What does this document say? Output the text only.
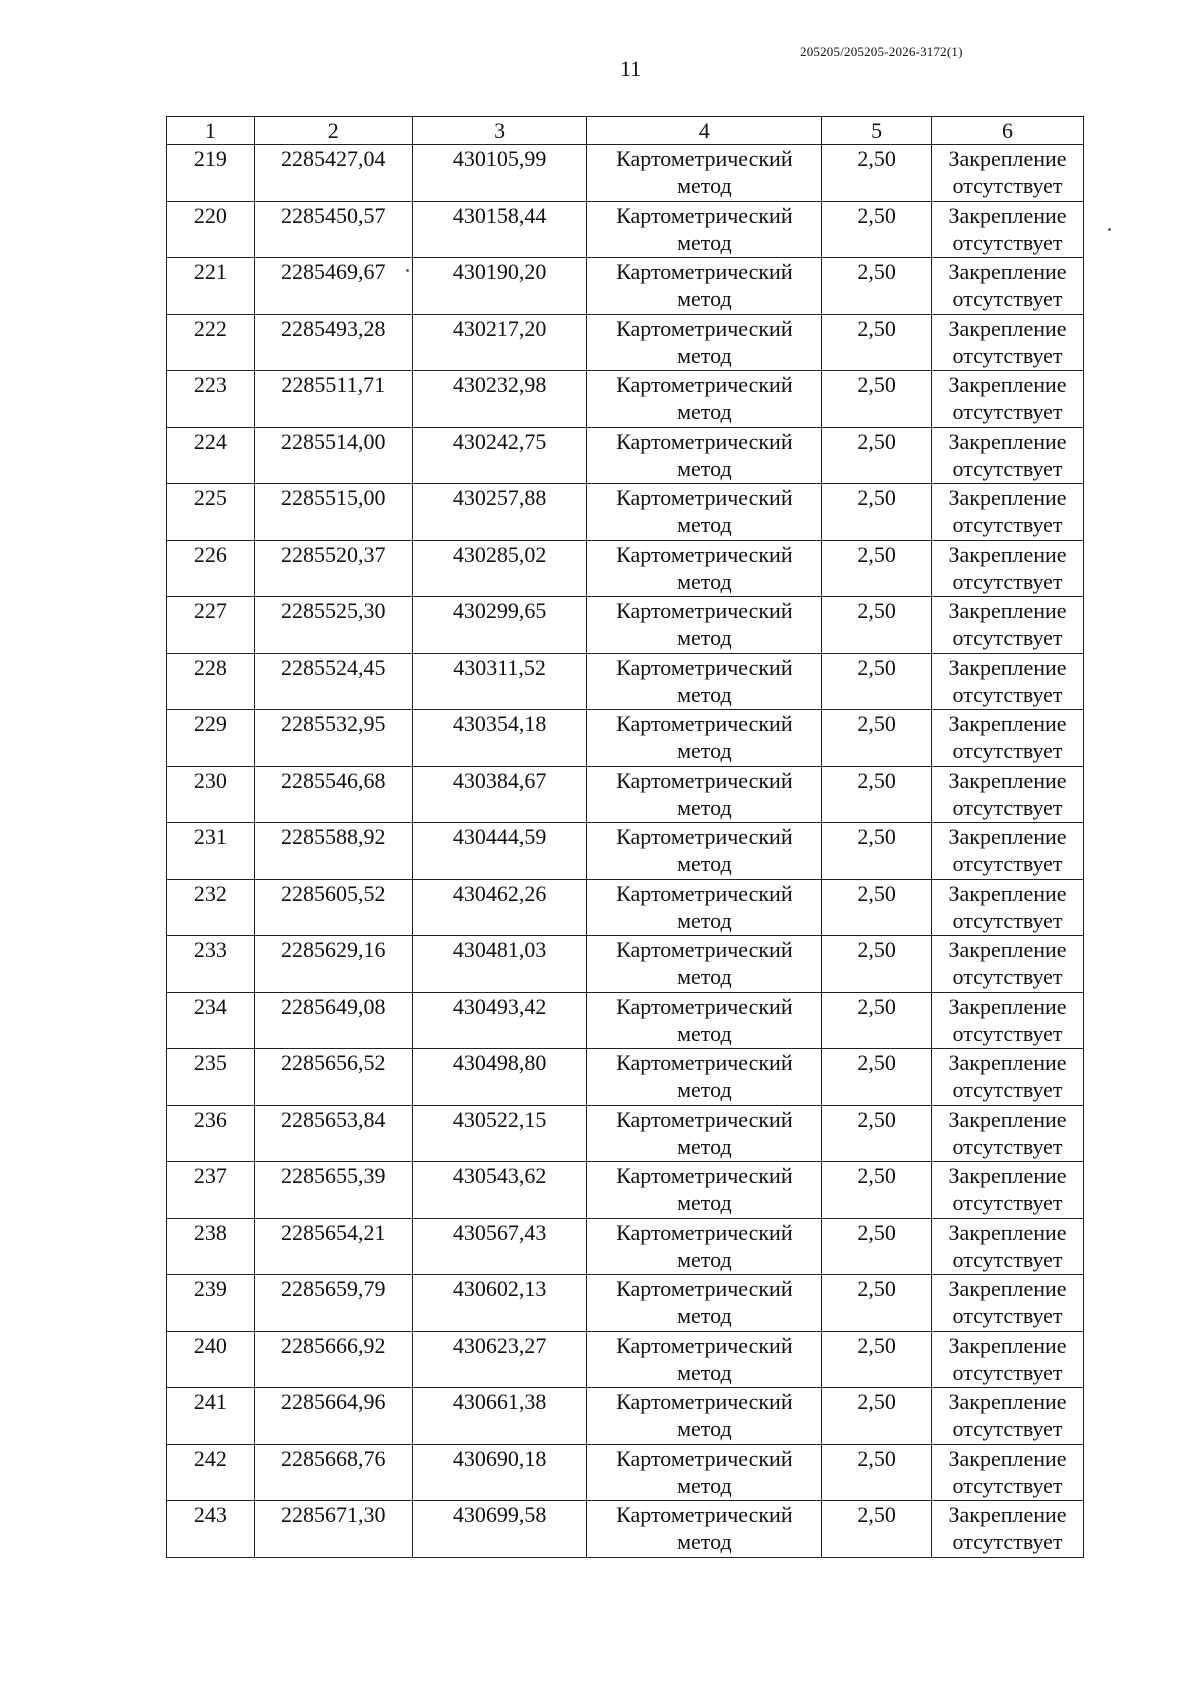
205205/205205-2026-3172(1)
11
1	2	3	4	5	6
219	2285427,04	430105,99	Картометрический метод	2,50	Закрепление отсутствует
220	2285450,57	430158,44	Картометрический метод	2,50	Закрепление отсутствует
221	2285469,67	430190,20	Картометрический метод	2,50	Закрепление отсутствует
222	2285493,28	430217,20	Картометрический метод	2,50	Закрепление отсутствует
223	2285511,71	430232,98	Картометрический метод	2,50	Закрепление отсутствует
224	2285514,00	430242,75	Картометрический метод	2,50	Закрепление отсутствует
225	2285515,00	430257,88	Картометрический метод	2,50	Закрепление отсутствует
226	2285520,37	430285,02	Картометрический метод	2,50	Закрепление отсутствует
227	2285525,30	430299,65	Картометрический метод	2,50	Закрепление отсутствует
228	2285524,45	430311,52	Картометрический метод	2,50	Закрепление отсутствует
229	2285532,95	430354,18	Картометрический метод	2,50	Закрепление отсутствует
230	2285546,68	430384,67	Картометрический метод	2,50	Закрепление отсутствует
231	2285588,92	430444,59	Картометрический метод	2,50	Закрепление отсутствует
232	2285605,52	430462,26	Картометрический метод	2,50	Закрепление отсутствует
233	2285629,16	430481,03	Картометрический метод	2,50	Закрепление отсутствует
234	2285649,08	430493,42	Картометрический метод	2,50	Закрепление отсутствует
235	2285656,52	430498,80	Картометрический метод	2,50	Закрепление отсутствует
236	2285653,84	430522,15	Картометрический метод	2,50	Закрепление отсутствует
237	2285655,39	430543,62	Картометрический метод	2,50	Закрепление отсутствует
238	2285654,21	430567,43	Картометрический метод	2,50	Закрепление отсутствует
239	2285659,79	430602,13	Картометрический метод	2,50	Закрепление отсутствует
240	2285666,92	430623,27	Картометрический метод	2,50	Закрепление отсутствует
241	2285664,96	430661,38	Картометрический метод	2,50	Закрепление отсутствует
242	2285668,76	430690,18	Картометрический метод	2,50	Закрепление отсутствует
243	2285671,30	430699,58	Картометрический метод	2,50	Закрепление отсутствует
